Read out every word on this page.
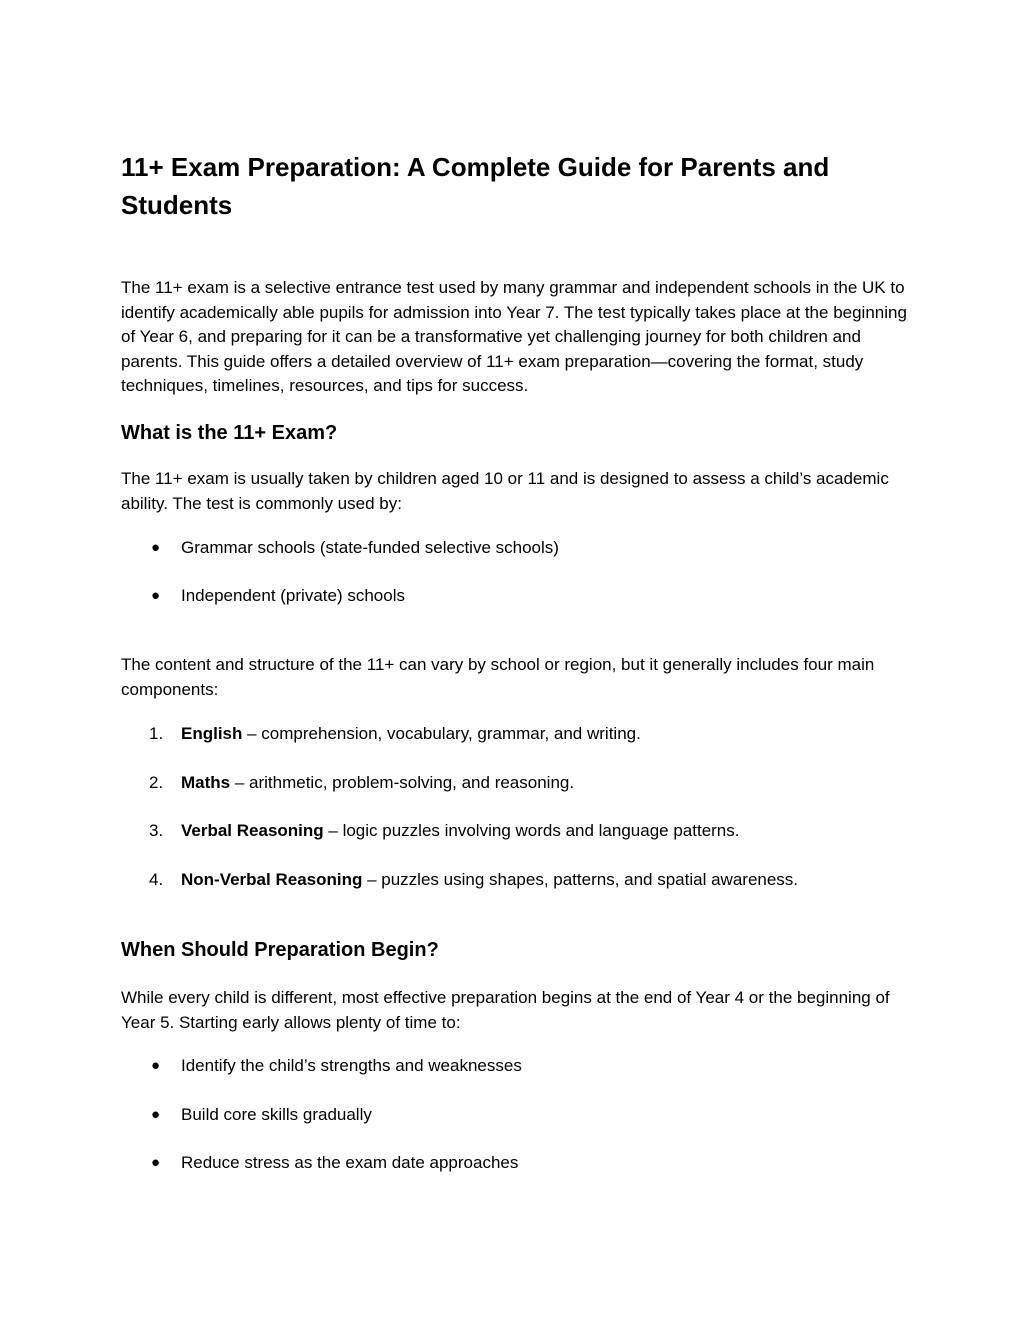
11+ Exam Preparation: A Complete Guide for Parents and Students

The 11+ exam is a selective entrance test used by many grammar and independent schools in the UK to identify academically able pupils for admission into Year 7. The test typically takes place at the beginning of Year 6, and preparing for it can be a transformative yet challenging journey for both children and parents. This guide offers a detailed overview of 11+ exam preparation—covering the format, study techniques, timelines, resources, and tips for success.

What is the 11+ Exam?

The 11+ exam is usually taken by children aged 10 or 11 and is designed to assess a child’s academic ability. The test is commonly used by:

● Grammar schools (state-funded selective schools)
● Independent (private) schools

The content and structure of the 11+ can vary by school or region, but it generally includes four main components:

1. English – comprehension, vocabulary, grammar, and writing.
2. Maths – arithmetic, problem-solving, and reasoning.
3. Verbal Reasoning – logic puzzles involving words and language patterns.
4. Non-Verbal Reasoning – puzzles using shapes, patterns, and spatial awareness.
When Should Preparation Begin?

While every child is different, most effective preparation begins at the end of Year 4 or the beginning of Year 5. Starting early allows plenty of time to:

● Identify the child’s strengths and weaknesses
● Build core skills gradually
● Reduce stress as the exam date approaches
